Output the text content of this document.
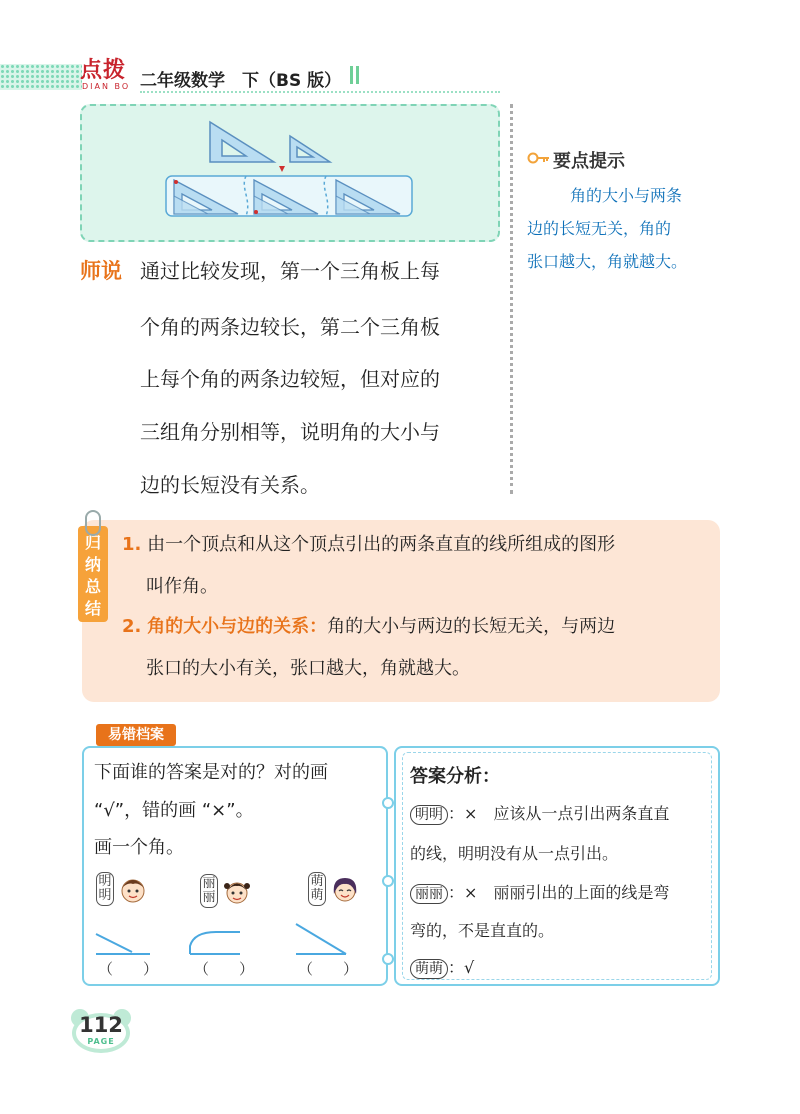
点拨
DIAN BO 二年级数学　下（BS 版）
师说 通过比较发现，第一个三角板上每
个角的两条边较长，第二个三角板
上每个角的两条边较短，但对应的
三组角分别相等，说明角的大小与
边的长短没有关系。
要点提示
角的大小与两条
边的长短无关，角的
张口越大，角就越大。
归
纳
总
结
1. 由一个顶点和从这个顶点引出的两条直直的线所组成的图形
叫作角。
2. 角的大小与边的关系：角的大小与两边的长短无关，与两边
张口的大小有关，张口越大，角就越大。
易错档案
下面谁的答案是对的？对的画
“√”，错的画 “×”。
画一个角。
明明
丽丽
萌萌
（　　） （　　）	（　　）
答案分析：
明明 ：×　应该从一点引出两条直直
的线，明明没有从一点引出。
丽丽 ：×　丽丽引出的上面的线是弯
弯的，不是直直的。
萌萌 ：√
112
PAGE
